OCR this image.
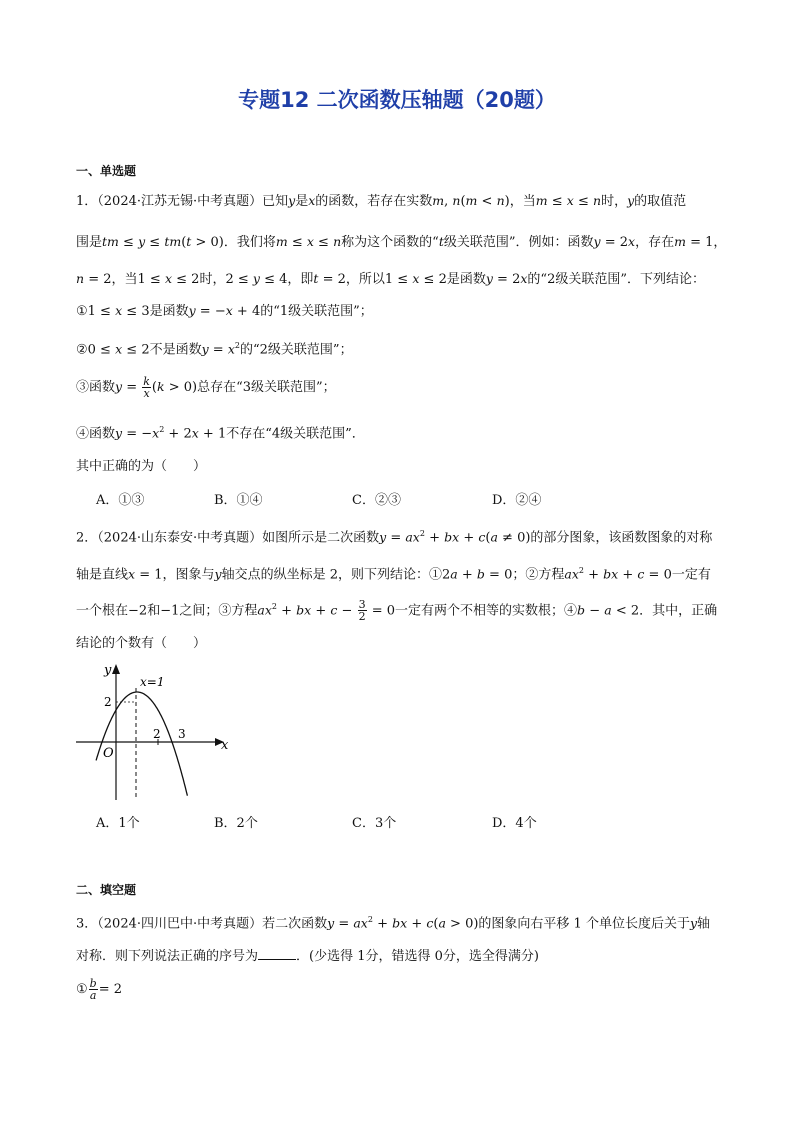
专题12 二次函数压轴题（20题）
一、单选题
1．（2024·江苏无锡·中考真题）已知y是x的函数，若存在实数m, n(m < n)，当m ≤ x ≤ n时，y的取值范
围是tm ≤ y ≤ tm(t > 0)．我们将m ≤ x ≤ n称为这个函数的“t级关联范围”．例如：函数y = 2x，存在m = 1，
n = 2，当1 ≤ x ≤ 2时，2 ≤ y ≤ 4，即t = 2，所以1 ≤ x ≤ 2是函数y = 2x的“2级关联范围”．下列结论：
①1 ≤ x ≤ 3是函数y = −x + 4的“1级关联范围”；
②0 ≤ x ≤ 2不是函数$y = x^2$的“2级关联范围”；
③函数$y = \frac{k}{x} (k > 0)$总存在“3级关联范围”；
④函数$y = -x^2 + 2x + 1$不存在“4级关联范围”．
其中正确的为（　　）
A．①③	B．①④	C．②③	D．②④
2．（2024·山东泰安·中考真题）如图所示是二次函数$y = ax^2$ + bx + c(a ≠ 0)的部分图象，该函数图象的对称
轴是直线x = 1，图象与y轴交点的纵坐标是 2，则下列结论：①2a + b = 0；②方程$ax^2$ + bx + c = 0一定有
一个根在−2和−1之间；③方程$ax^2$ + bx + $c - \frac{3}{2} = 0$一定有两个不相等的实数根；④b − a < 2．其中，正确
结论的个数有（　　）
y
x
O
x=1
2
2 3
A．1个	B．2个	C．3个	D．4个
二、填空题
3．（2024·四川巴中·中考真题）若二次函数$y = ax^2$ + bx + c(a > 0)的图象向右平移 1 个单位长度后关于y轴
对称．则下列说法正确的序号为	．(少选得 1分，错选得 0分，选全得满分)
① $\frac{b}{a} = 2$
